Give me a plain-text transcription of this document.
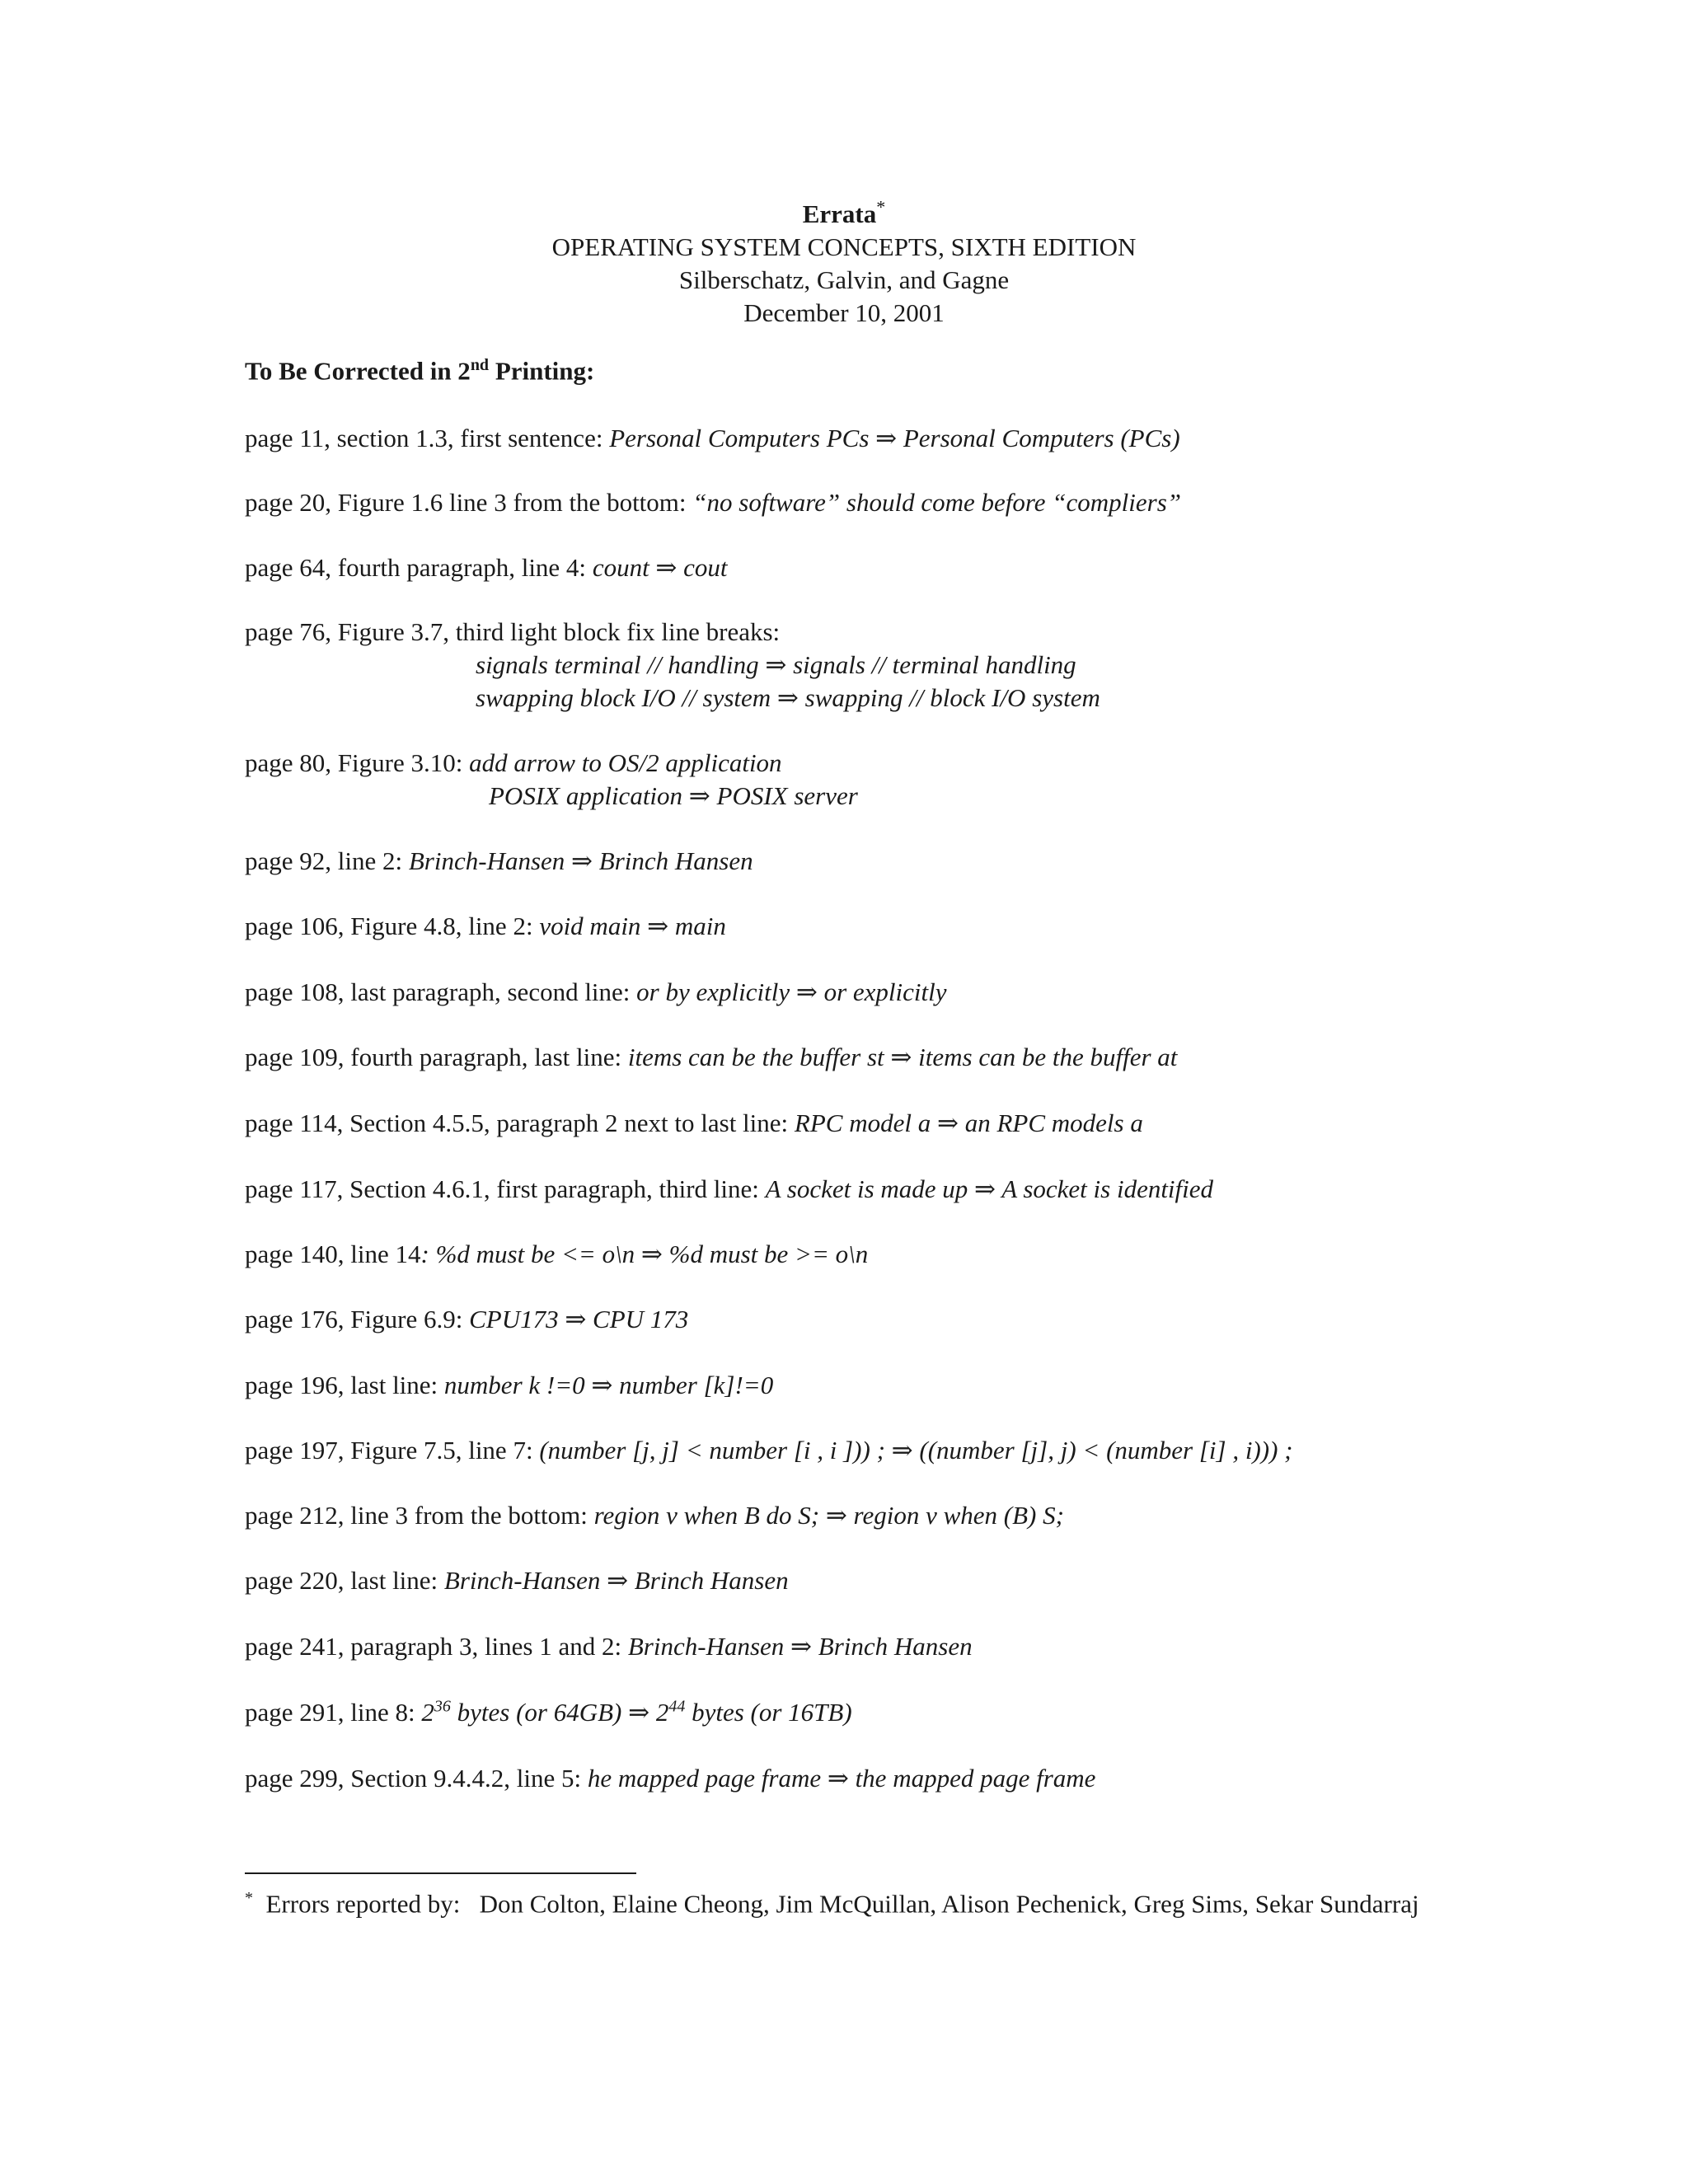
Errata*
OPERATING SYSTEM CONCEPTS, SIXTH EDITION
Silberschatz, Galvin, and Gagne
December 10, 2001
To Be Corrected in 2nd Printing:
page 11, section 1.3, first sentence: Personal Computers PCs ⇒ Personal Computers (PCs)
page 20, Figure 1.6 line 3 from the bottom: “no software” should come before “compliers”
page 64, fourth paragraph, line 4: count ⇒ cout
page 76, Figure 3.7, third light block fix line breaks:
signals terminal // handling ⇒ signals // terminal handling
swapping block I/O // system ⇒ swapping // block I/O system
page 80, Figure 3.10: add arrow to OS/2 application
POSIX application ⇒ POSIX server
page 92, line 2: Brinch-Hansen ⇒ Brinch Hansen
page 106, Figure 4.8, line 2: void main ⇒ main
page 108, last paragraph, second line: or by explicitly ⇒ or explicitly
page 109, fourth paragraph, last line: items can be the buffer st ⇒ items can be the buffer at
page 114, Section 4.5.5, paragraph 2 next to last line: RPC model a ⇒ an RPC models a
page 117, Section 4.6.1, first paragraph, third line: A socket is made up ⇒ A socket is identified
page 140, line 14: %d must be <= o\n ⇒ %d must be >= o\n
page 176, Figure 6.9: CPU173 ⇒ CPU 173
page 196, last line: number k !=0 ⇒ number [k]!=0
page 197, Figure 7.5, line 7: (number [j, j] < number [i , i ])) ; ⇒ ((number [j], j) < (number [i] , i))) ;
page 212, line 3 from the bottom: region v when B do S; ⇒ region v when (B) S;
page 220, last line: Brinch-Hansen ⇒ Brinch Hansen
page 241, paragraph 3, lines 1 and 2: Brinch-Hansen ⇒ Brinch Hansen
page 291, line 8: $2^{36}$ bytes (or 64GB) ⇒ $2^{44}$ bytes (or 16TB)
page 299, Section 9.4.4.2, line 5: he mapped page frame ⇒ the mapped page frame
*  Errors reported by:   Don Colton, Elaine Cheong, Jim McQuillan, Alison Pechenick, Greg Sims, Sekar Sundarraj
